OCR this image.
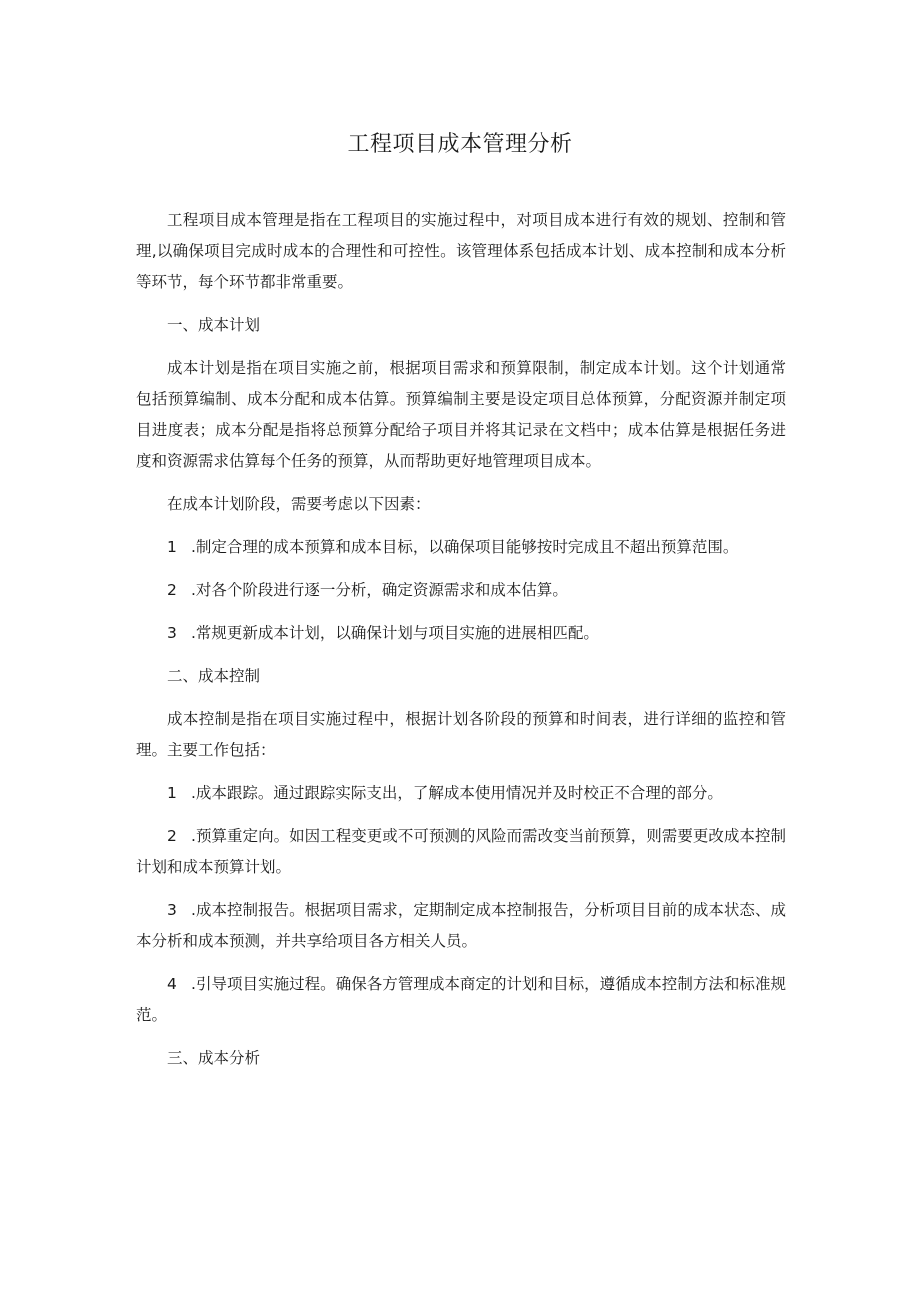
工程项目成本管理分析

工程项目成本管理是指在工程项目的实施过程中，对项目成本进行有效的规划、控制和管理,以确保项目完成时成本的合理性和可控性。该管理体系包括成本计划、成本控制和成本分析等环节，每个环节都非常重要。

一、成本计划

成本计划是指在项目实施之前，根据项目需求和预算限制，制定成本计划。这个计划通常包括预算编制、成本分配和成本估算。预算编制主要是设定项目总体预算，分配资源并制定项目进度表；成本分配是指将总预算分配给子项目并将其记录在文档中；成本估算是根据任务进度和资源需求估算每个任务的预算，从而帮助更好地管理项目成本。

在成本计划阶段，需要考虑以下因素：

1 .制定合理的成本预算和成本目标，以确保项目能够按时完成且不超出预算范围。

2 .对各个阶段进行逐一分析，确定资源需求和成本估算。

3 .常规更新成本计划，以确保计划与项目实施的进展相匹配。

二、成本控制

成本控制是指在项目实施过程中，根据计划各阶段的预算和时间表，进行详细的监控和管理。主要工作包括：

1 .成本跟踪。通过跟踪实际支出，了解成本使用情况并及时校正不合理的部分。

2 .预算重定向。如因工程变更或不可预测的风险而需改变当前预算，则需要更改成本控制计划和成本预算计划。

3 .成本控制报告。根据项目需求，定期制定成本控制报告，分析项目目前的成本状态、成本分析和成本预测，并共享给项目各方相关人员。

4 .引导项目实施过程。确保各方管理成本商定的计划和目标，遵循成本控制方法和标准规范。

三、成本分析
